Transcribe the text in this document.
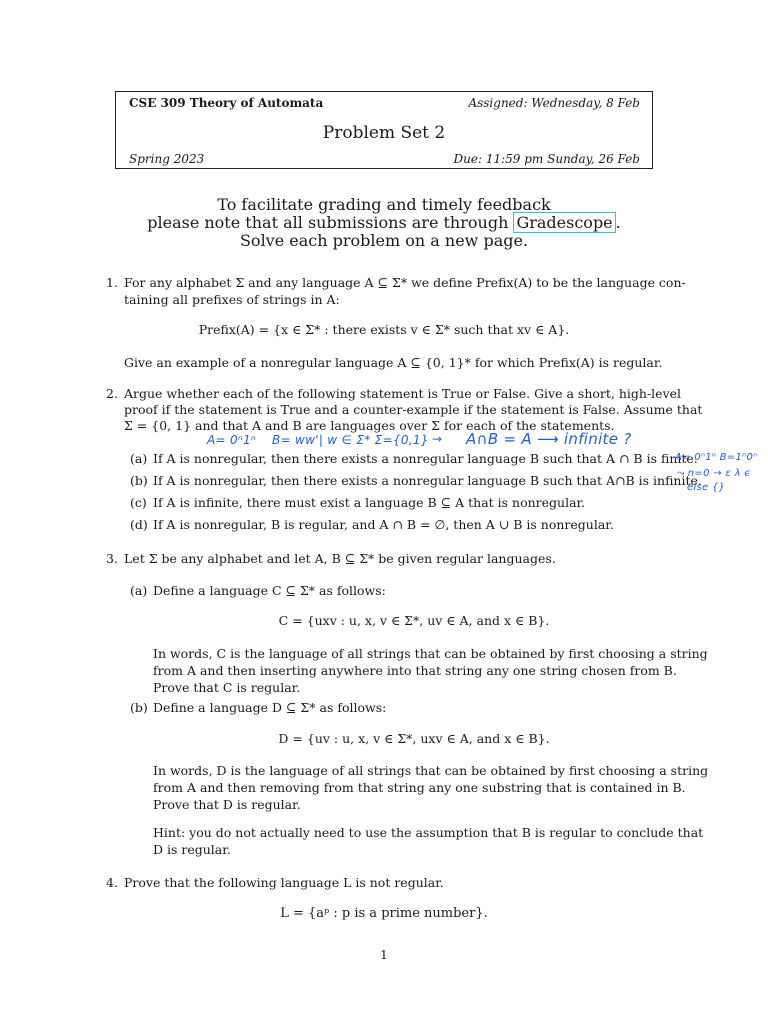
CSE 309 Theory of Automata	Assigned: Wednesday, 8 Feb
Problem Set 2
Spring 2023	Due: 11:59 pm Sunday, 26 Feb
To facilitate grading and timely feedback
please note that all submissions are through Gradescope .
Solve each problem on a new page.
1. For any alphabet Σ and any language A ⊆ Σ* we define Prefix(A) to be the language con-
taining all prefixes of strings in A:
Prefix(A) = {x ∈ Σ* : there exists v ∈ Σ* such that xv ∈ A}.
Give an example of a nonregular language A ⊆ {0, 1}* for which Prefix(A) is regular.
2. Argue whether each of the following statement is True or False. Give a short, high-level
proof if the statement is True and a counter-example if the statement is False. Assume that
Σ = {0, 1} and that A and B are languages over Σ for each of the statements.
(a) If A is nonregular, then there exists a nonregular language B such that A ∩ B is finite.
(b) If A is nonregular, then there exists a nonregular language B such that A∩B is infinite.
(c) If A is infinite, there must exist a language B ⊆ A that is nonregular.
(d) If A is nonregular, B is regular, and A ∩ B = ∅, then A ∪ B is nonregular.
A= 0ⁿ1ⁿ B= ww'| w ∈ Σ* Σ={0,1} → A∩B = A ⟶ infinite ?
A= 0ⁿ1ⁿ B=1ⁿ0ⁿ
⤳ n=0 → ε λ ϵ
else {}
3. Let Σ be any alphabet and let A, B ⊆ Σ* be given regular languages.
(a) Define a language C ⊆ Σ* as follows:
C = {uxv : u, x, v ∈ Σ*, uv ∈ A, and x ∈ B}.
In words, C is the language of all strings that can be obtained by first choosing a string
from A and then inserting anywhere into that string any one string chosen from B.
Prove that C is regular.
(b) Define a language D ⊆ Σ* as follows:
D = {uv : u, x, v ∈ Σ*, uxv ∈ A, and x ∈ B}.
In words, D is the language of all strings that can be obtained by first choosing a string
from A and then removing from that string any one substring that is contained in B.
Prove that D is regular.
Hint: you do not actually need to use the assumption that B is regular to conclude that
D is regular.
4. Prove that the following language L is not regular.
L = {aᵖ : p is a prime number}.
1
